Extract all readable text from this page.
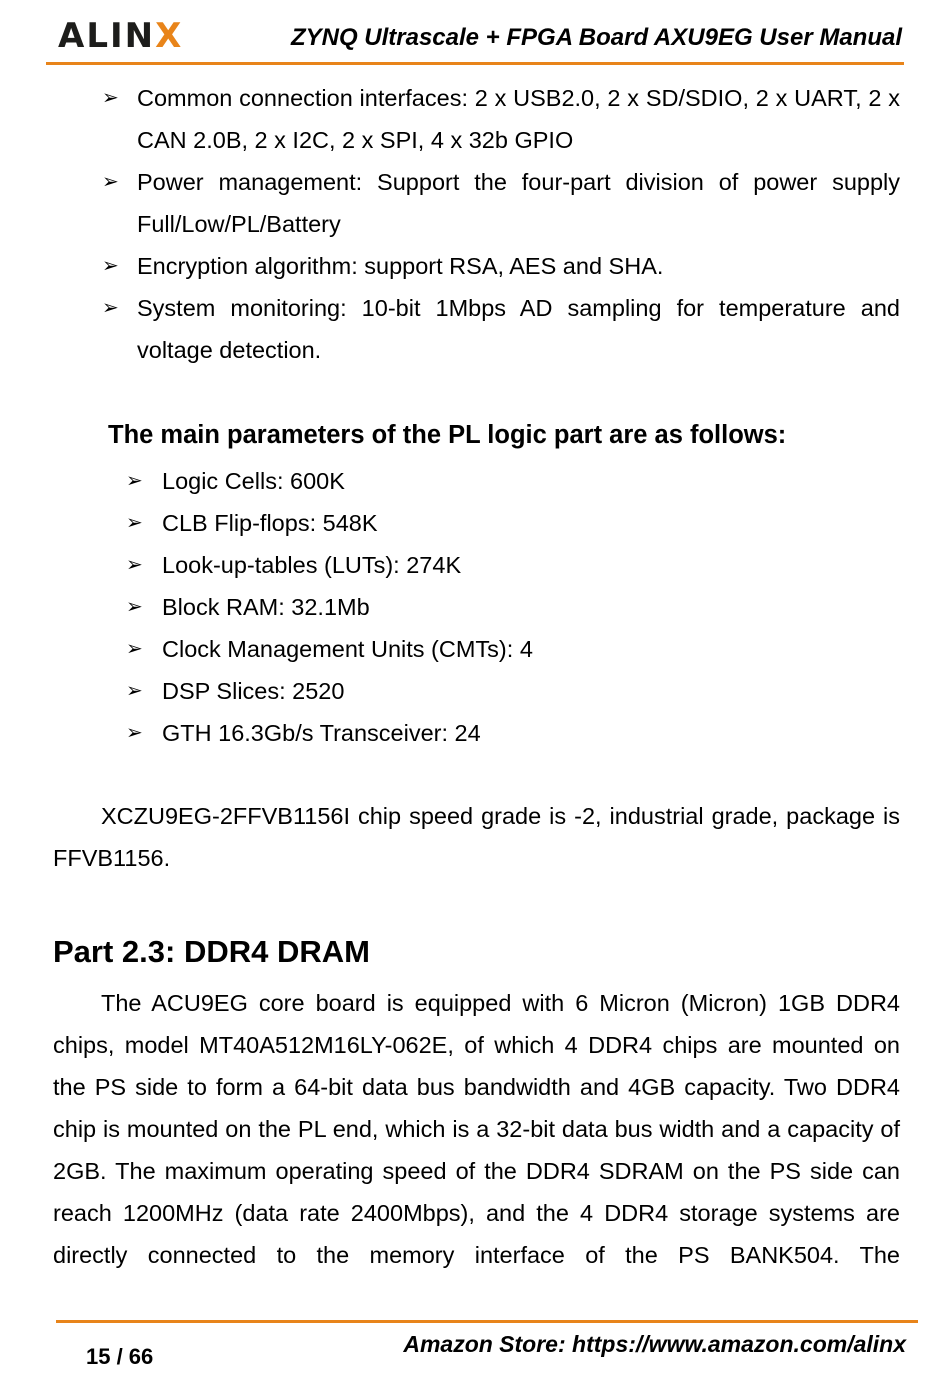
ALINX	ZYNQ Ultrascale + FPGA Board AXU9EG User Manual
➢ Common connection interfaces: 2 x USB2.0, 2 x SD/SDIO, 2 x UART, 2 x CAN 2.0B, 2 x I2C, 2 x SPI, 4 x 32b GPIO
➢ Power management: Support the four-part division of power supply Full/Low/PL/Battery
➢ Encryption algorithm: support RSA, AES and SHA.
➢ System monitoring: 10-bit 1Mbps AD sampling for temperature and voltage detection.
The main parameters of the PL logic part are as follows:
➢ Logic Cells: 600K
➢ CLB Flip-flops: 548K
➢ Look-up-tables (LUTs): 274K
➢ Block RAM: 32.1Mb
➢ Clock Management Units (CMTs): 4
➢ DSP Slices: 2520
➢ GTH 16.3Gb/s Transceiver: 24

XCZU9EG-2FFVB1156I chip speed grade is -2, industrial grade, package is FFVB1156.

Part 2.3: DDR4 DRAM

The ACU9EG core board is equipped with 6 Micron (Micron) 1GB DDR4 chips, model MT40A512M16LY-062E, of which 4 DDR4 chips are mounted on the PS side to form a 64-bit data bus bandwidth and 4GB capacity. Two DDR4 chip is mounted on the PL end, which is a 32-bit data bus width and a capacity of 2GB. The maximum operating speed of the DDR4 SDRAM on the PS side can reach 1200MHz (data rate 2400Mbps), and the 4 DDR4 storage systems are directly connected to the memory interface of the PS BANK504. The

Amazon Store: https://www.amazon.com/alinx
15 / 66
